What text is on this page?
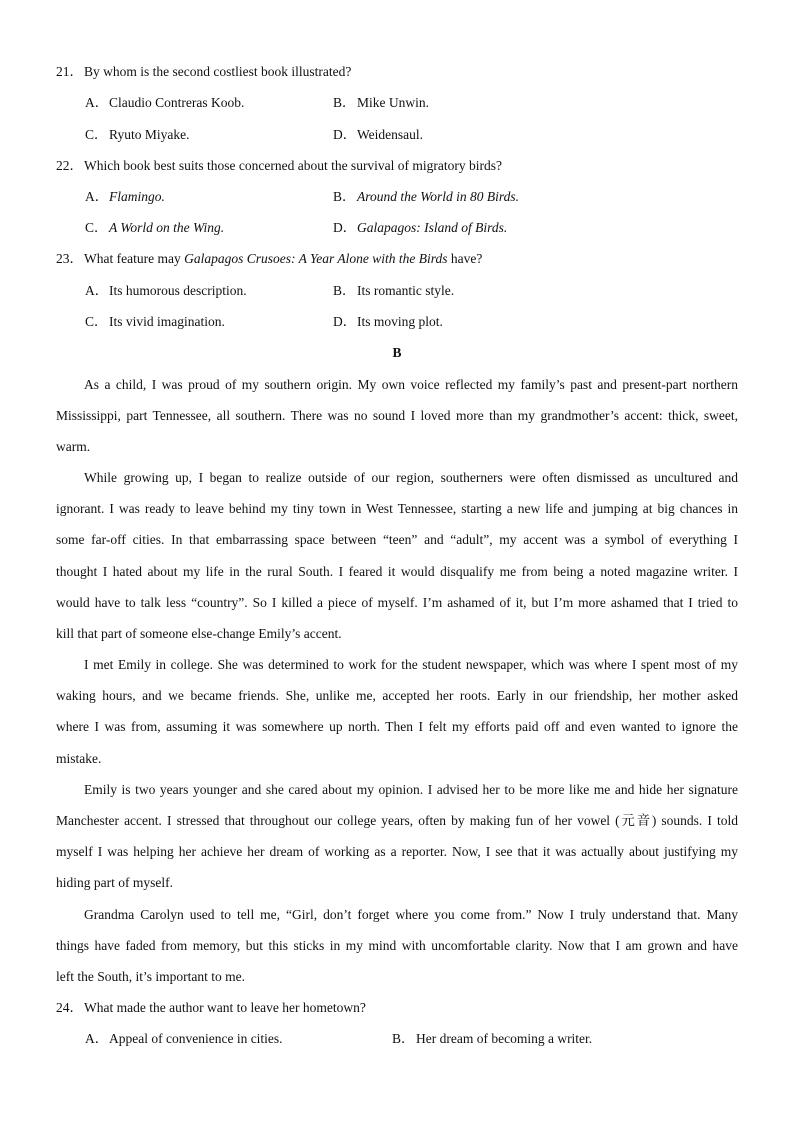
21．By whom is the second costliest book illustrated?
A．Claudio Contreras Koob.	B．Mike Unwin.
C．Ryuto Miyake.	D．Weidensaul.
22．Which book best suits those concerned about the survival of migratory birds?
A．Flamingo.	B．Around the World in 80 Birds.
C．A World on the Wing.	D．Galapagos: Island of Birds.
23．What feature may Galapagos Crusoes: A Year Alone with the Birds have?
A．Its humorous description.	B．Its romantic style.
C．Its vivid imagination.	D．Its moving plot.
B
As a child, I was proud of my southern origin. My own voice reflected my family’s past and present-part northern
Mississippi, part Tennessee, all southern. There was no sound I loved more than my grandmother’s accent: thick, sweet,
warm.
While growing up, I began to realize outside of our region, southerners were often dismissed as uncultured and
ignorant. I was ready to leave behind my tiny town in West Tennessee, starting a new life and jumping at big chances in
some far-off cities. In that embarrassing space between “teen” and “adult”, my accent was a symbol of everything I
thought I hated about my life in the rural South. I feared it would disqualify me from being a noted magazine writer. I
would have to talk less “country”. So I killed a piece of myself. I’m ashamed of it, but I’m more ashamed that I tried to
kill that part of someone else-change Emily’s accent.
I met Emily in college. She was determined to work for the student newspaper, which was where I spent most of my
waking hours, and we became friends. She, unlike me, accepted her roots. Early in our friendship, her mother asked
where I was from, assuming it was somewhere up north. Then I felt my efforts paid off and even wanted to ignore the
mistake.
Emily is two years younger and she cared about my opinion. I advised her to be more like me and hide her signature
Manchester accent. I stressed that throughout our college years, often by making fun of her vowel (元音) sounds. I told
myself I was helping her achieve her dream of working as a reporter. Now, I see that it was actually about justifying my
hiding part of myself.
Grandma Carolyn used to tell me, “Girl, don’t forget where you come from.” Now I truly understand that. Many
things have faded from memory, but this sticks in my mind with uncomfortable clarity. Now that I am grown and have
left the South, it’s important to me.
24．What made the author want to leave her hometown?
A．Appeal of convenience in cities.	B．Her dream of becoming a writer.
